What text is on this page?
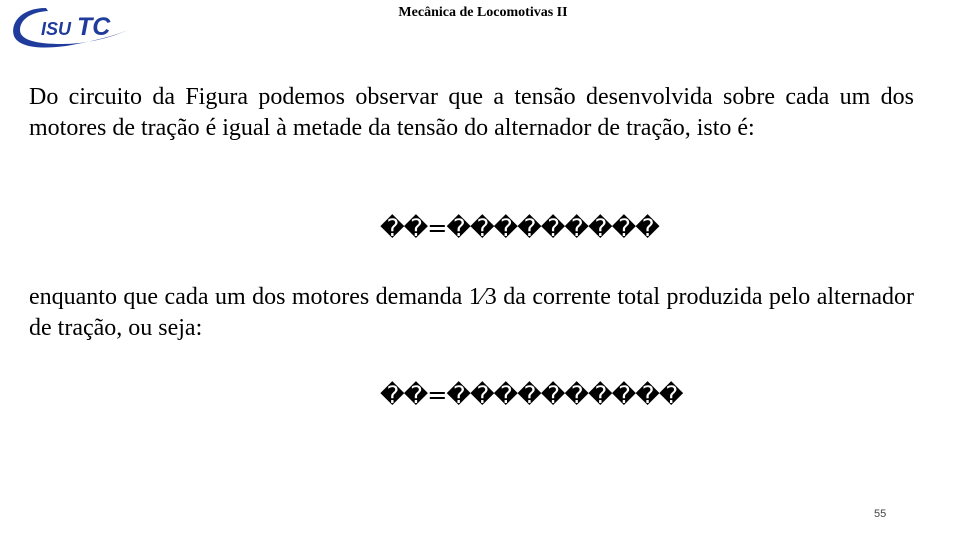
ISU TC
Mecânica de Locomotivas II

Do circuito da Figura podemos observar que a tensão desenvolvida sobre cada um dos motores de tração é igual à metade da tensão do alternador de tração, isto é:

��=���������

enquanto que cada um dos motores demanda 1⁄3 da corrente total produzida pelo alternador de tração, ou seja:

��=����������
55
